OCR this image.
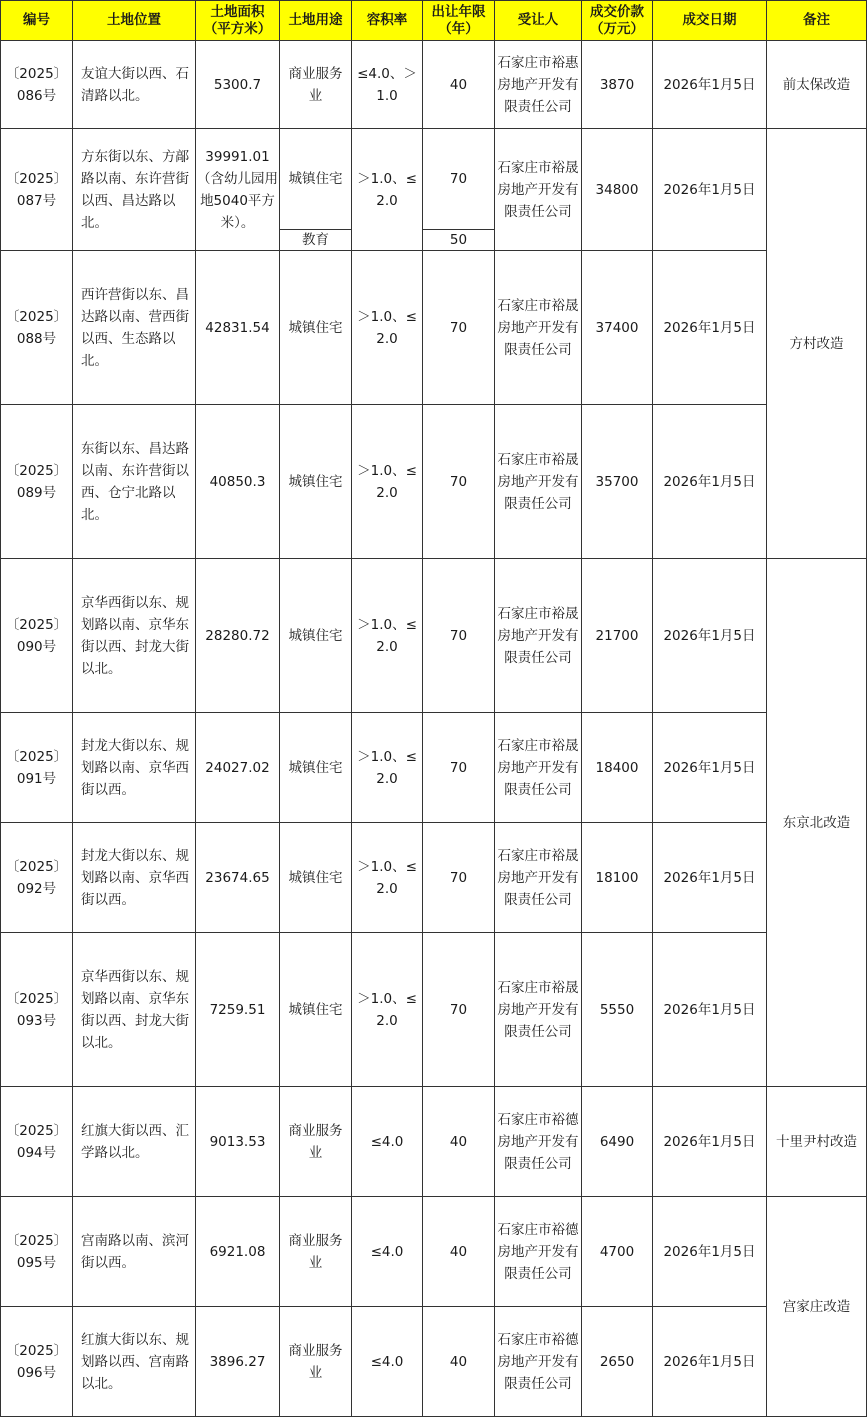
编号	土地位置	土地面积（平方米）	土地用途	容积率	出让年限（年）	受让人	成交价款（万元）	成交日期	备注
〔2025〕086号	友谊大街以西、石清路以北。	5300.7	商业服务业	≤4.0、＞1.0	40	石家庄市裕惠房地产开发有限责任公司	3870	2026年1月5日	前太保改造
〔2025〕087号	方东街以东、方鄗路以南、东许营街以西、昌达路以北。	39991.01（含幼儿园用地5040平方米）。	城镇住宅	＞1.0、≤2.0	70	石家庄市裕晟房地产开发有限责任公司	34800	2026年1月5日	方村改造
			教育		50				
〔2025〕088号	西许营街以东、昌达路以南、营西街以西、生态路以北。	42831.54	城镇住宅	＞1.0、≤2.0	70	石家庄市裕晟房地产开发有限责任公司	37400	2026年1月5日	
〔2025〕089号	东街以东、昌达路以南、东许营街以西、仓宁北路以北。	40850.3	城镇住宅	＞1.0、≤2.0	70	石家庄市裕晟房地产开发有限责任公司	35700	2026年1月5日	
〔2025〕090号	京华西街以东、规划路以南、京华东街以西、封龙大街以北。	28280.72	城镇住宅	＞1.0、≤2.0	70	石家庄市裕晟房地产开发有限责任公司	21700	2026年1月5日	东京北改造
〔2025〕091号	封龙大街以东、规划路以南、京华西街以西。	24027.02	城镇住宅	＞1.0、≤2.0	70	石家庄市裕晟房地产开发有限责任公司	18400	2026年1月5日	
〔2025〕092号	封龙大街以东、规划路以南、京华西街以西。	23674.65	城镇住宅	＞1.0、≤2.0	70	石家庄市裕晟房地产开发有限责任公司	18100	2026年1月5日	
〔2025〕093号	京华西街以东、规划路以南、京华东街以西、封龙大街以北。	7259.51	城镇住宅	＞1.0、≤2.0	70	石家庄市裕晟房地产开发有限责任公司	5550	2026年1月5日	
〔2025〕094号	红旗大街以西、汇学路以北。	9013.53	商业服务业	≤4.0	40	石家庄市裕德房地产开发有限责任公司	6490	2026年1月5日	十里尹村改造
〔2025〕095号	宫南路以南、滨河街以西。	6921.08	商业服务业	≤4.0	40	石家庄市裕德房地产开发有限责任公司	4700	2026年1月5日	宫家庄改造
〔2025〕096号	红旗大街以东、规划路以西、宫南路以北。	3896.27	商业服务业	≤4.0	40	石家庄市裕德房地产开发有限责任公司	2650	2026年1月5日	
